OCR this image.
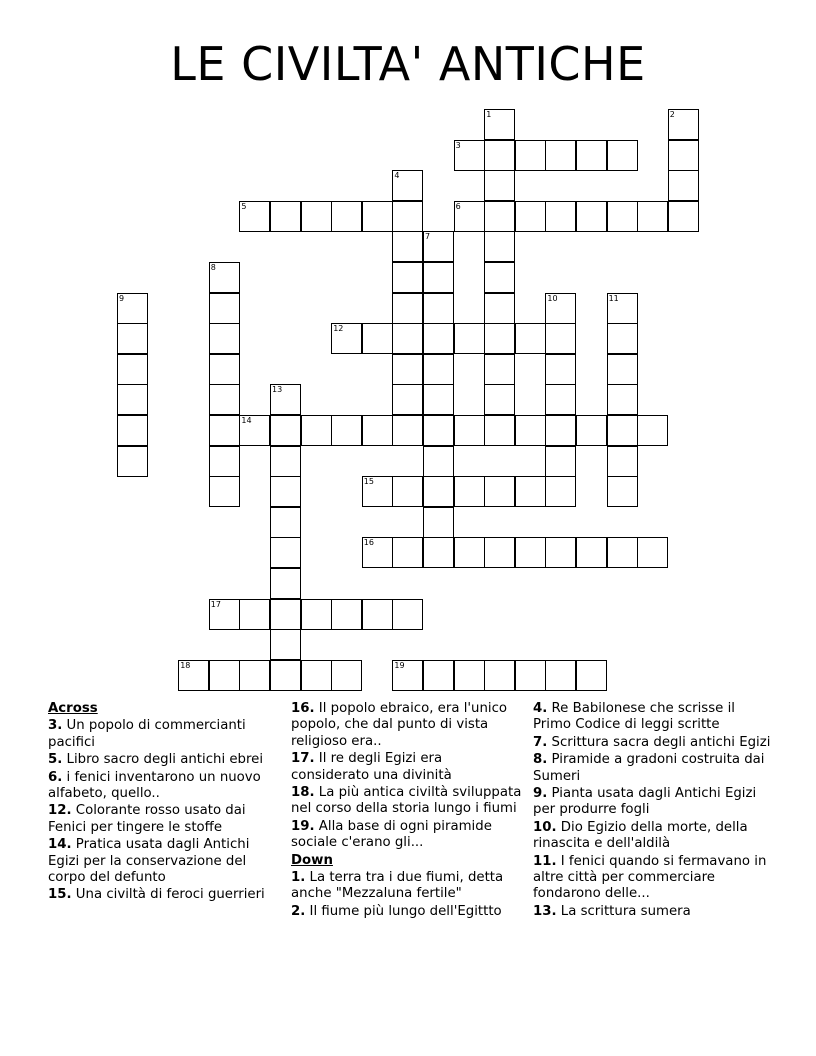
LE CIVILTA' ANTICHE
1	2
3
4
5	6
7
8
9	10	11
12
13
14
15
16
17
18	19
Across

3. Un popolo di commercianti pacifici

5. Libro sacro degli antichi ebrei

6. i fenici inventarono un nuovo alfabeto, quello..

12. Colorante rosso usato dai Fenici per tingere le stoffe

14. Pratica usata dagli Antichi Egizi per la conservazione del corpo del defunto

15. Una civiltà di feroci guerrieri

16. Il popolo ebraico, era l'unico popolo, che dal punto di vista religioso era..

17. Il re degli Egizi era considerato una divinità

18. La più antica civiltà sviluppata nel corso della storia lungo i fiumi

19. Alla base di ogni piramide sociale c'erano gli...

Down

1. La terra tra i due fiumi, detta anche "Mezzaluna fertile"

2. Il fiume più lungo dell'Egittto

4. Re Babilonese che scrisse il Primo Codice di leggi scritte

7. Scrittura sacra degli antichi Egizi

8. Piramide a gradoni costruita dai Sumeri

9. Pianta usata dagli Antichi Egizi per produrre fogli

10. Dio Egizio della morte, della rinascita e dell'aldilà

11. I fenici quando si fermavano in altre città per commerciare fondarono delle...

13. La scrittura sumera
